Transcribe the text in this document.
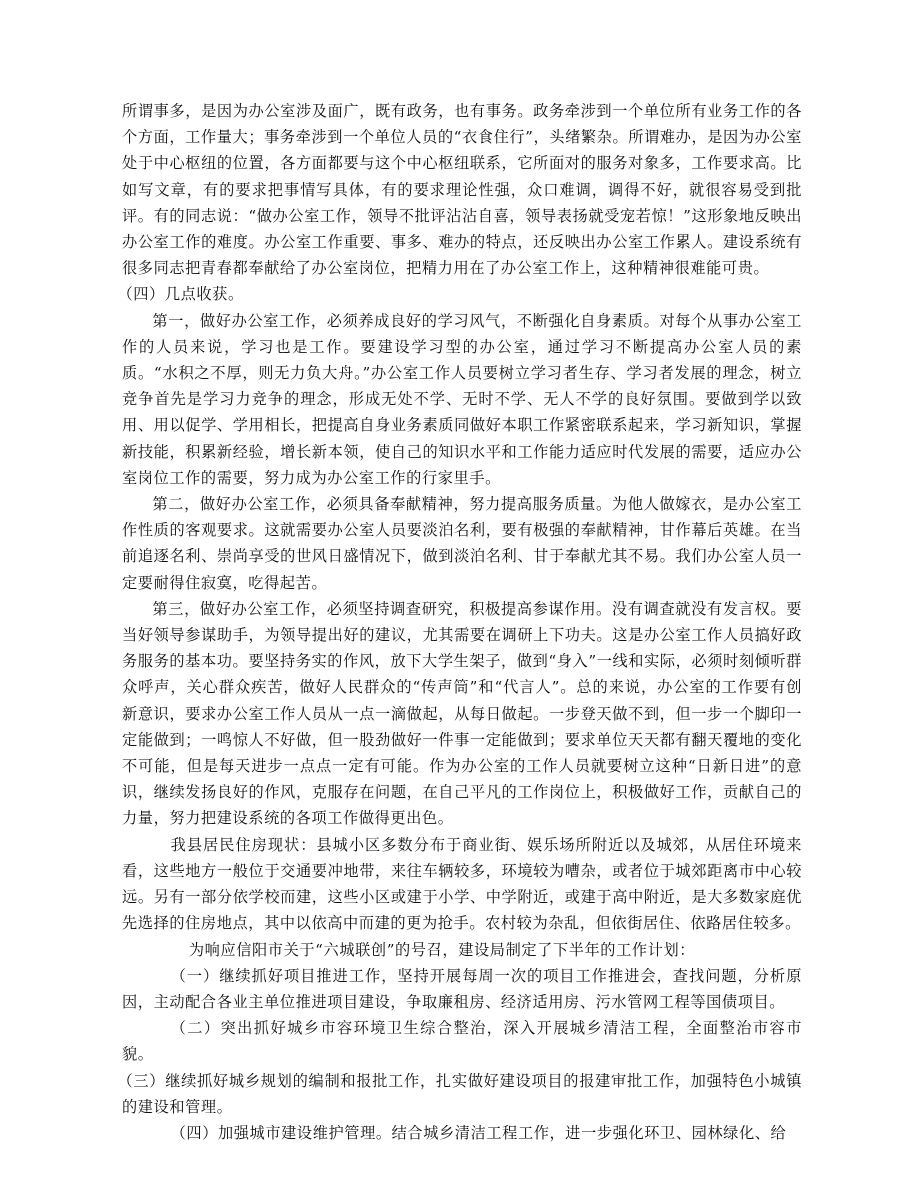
所谓事多，是因为办公室涉及面广，既有政务，也有事务。政务牵涉到一个单位所有业务工作的各个方面，工作量大；事务牵涉到一个单位人员的“衣食住行”，头绪繁杂。所谓难办，是因为办公室处于中心枢纽的位置，各方面都要与这个中心枢纽联系，它所面对的服务对象多，工作要求高。比如写文章，有的要求把事情写具体，有的要求理论性强，众口难调，调得不好，就很容易受到批评。有的同志说：“做办公室工作，领导不批评沾沾自喜，领导表扬就受宠若惊！”这形象地反映出办公室工作的难度。办公室工作重要、事多、难办的特点，还反映出办公室工作累人。建设系统有很多同志把青春都奉献给了办公室岗位，把精力用在了办公室工作上，这种精神很难能可贵。

（四）几点收获。

第一，做好办公室工作，必须养成良好的学习风气，不断强化自身素质。对每个从事办公室工作的人员来说，学习也是工作。要建设学习型的办公室，通过学习不断提高办公室人员的素质。“水积之不厚，则无力负大舟。”办公室工作人员要树立学习者生存、学习者发展的理念，树立竞争首先是学习力竞争的理念，形成无处不学、无时不学、无人不学的良好氛围。要做到学以致用、用以促学、学用相长，把提高自身业务素质同做好本职工作紧密联系起来，学习新知识，掌握新技能，积累新经验，增长新本领，使自己的知识水平和工作能力适应时代发展的需要，适应办公室岗位工作的需要，努力成为办公室工作的行家里手。

第二，做好办公室工作，必须具备奉献精神，努力提高服务质量。为他人做嫁衣，是办公室工作性质的客观要求。这就需要办公室人员要淡泊名利，要有极强的奉献精神，甘作幕后英雄。在当前追逐名利、崇尚享受的世风日盛情况下，做到淡泊名利、甘于奉献尤其不易。我们办公室人员一定要耐得住寂寞，吃得起苦。

第三，做好办公室工作，必须坚持调查研究，积极提高参谋作用。没有调查就没有发言权。要当好领导参谋助手，为领导提出好的建议，尤其需要在调研上下功夫。这是办公室工作人员搞好政务服务的基本功。要坚持务实的作风，放下大学生架子，做到“身入”一线和实际，必须时刻倾听群众呼声，关心群众疾苦，做好人民群众的“传声筒”和“代言人”。总的来说，办公室的工作要有创新意识，要求办公室工作人员从一点一滴做起，从每日做起。一步登天做不到，但一步一个脚印一定能做到；一鸣惊人不好做，但一股劲做好一件事一定能做到；要求单位天天都有翻天覆地的变化不可能，但是每天进步一点点一定有可能。作为办公室的工作人员就要树立这种“日新日进”的意识，继续发扬良好的作风，克服存在问题，在自己平凡的工作岗位上，积极做好工作，贡献自己的力量，努力把建设系统的各项工作做得更出色。

我县居民住房现状：县城小区多数分布于商业街、娱乐场所附近以及城郊，从居住环境来看，这些地方一般位于交通要冲地带，来往车辆较多，环境较为嘈杂，或者位于城郊距离市中心较远。另有一部分依学校而建，这些小区或建于小学、中学附近，或建于高中附近，是大多数家庭优先选择的住房地点，其中以依高中而建的更为抢手。农村较为杂乱，但依街居住、依路居住较多。

为响应信阳市关于“六城联创”的号召，建设局制定了下半年的工作计划：

（一）继续抓好项目推进工作，坚持开展每周一次的项目工作推进会，查找问题，分析原因，主动配合各业主单位推进项目建设，争取廉租房、经济适用房、污水管网工程等国债项目。

（二）突出抓好城乡市容环境卫生综合整治，深入开展城乡清洁工程，全面整治市容市貌。

（三）继续抓好城乡规划的编制和报批工作，扎实做好建设项目的报建审批工作，加强特色小城镇的建设和管理。

（四）加强城市建设维护管理。结合城乡清洁工程工作，进一步强化环卫、园林绿化、给
